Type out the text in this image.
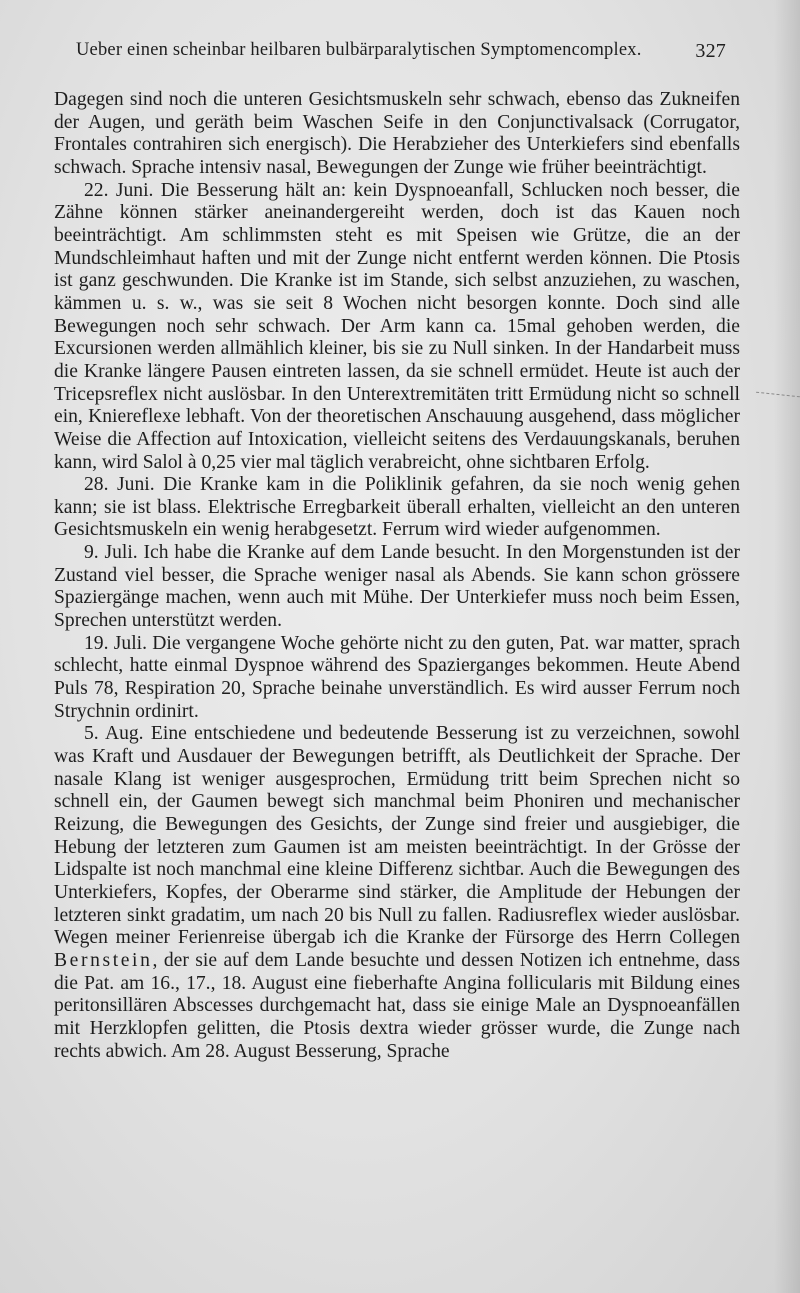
Ueber einen scheinbar heilbaren bulbärparalytischen Symptomencomplex.	327

Dagegen sind noch die unteren Gesichtsmuskeln sehr schwach, ebenso das Zukneifen der Augen, und geräth beim Waschen Seife in den Conjunctivalsack (Corrugator, Frontales contrahiren sich energisch). Die Herabzieher des Unterkiefers sind ebenfalls schwach. Sprache intensiv nasal, Bewegungen der Zunge wie früher beeinträchtigt.

22. Juni. Die Besserung hält an: kein Dyspnoeanfall, Schlucken noch besser, die Zähne können stärker aneinandergereiht werden, doch ist das Kauen noch beeinträchtigt. Am schlimmsten steht es mit Speisen wie Grütze, die an der Mundschleimhaut haften und mit der Zunge nicht entfernt werden können. Die Ptosis ist ganz geschwunden. Die Kranke ist im Stande, sich selbst anzuziehen, zu waschen, kämmen u. s. w., was sie seit 8 Wochen nicht besorgen konnte. Doch sind alle Bewegungen noch sehr schwach. Der Arm kann ca. 15mal gehoben werden, die Excursionen werden allmählich kleiner, bis sie zu Null sinken. In der Handarbeit muss die Kranke längere Pausen eintreten lassen, da sie schnell ermüdet. Heute ist auch der Tricepsreflex nicht auslösbar. In den Unterextremitäten tritt Ermüdung nicht so schnell ein, Kniereflexe lebhaft. Von der theoretischen Anschauung ausgehend, dass möglicher Weise die Affection auf Intoxication, vielleicht seitens des Verdauungskanals, beruhen kann, wird Salol à 0,25 vier mal täglich verabreicht, ohne sichtbaren Erfolg.

28. Juni. Die Kranke kam in die Poliklinik gefahren, da sie noch wenig gehen kann; sie ist blass. Elektrische Erregbarkeit überall erhalten, vielleicht an den unteren Gesichtsmuskeln ein wenig herabgesetzt. Ferrum wird wieder aufgenommen.

9. Juli. Ich habe die Kranke auf dem Lande besucht. In den Morgenstunden ist der Zustand viel besser, die Sprache weniger nasal als Abends. Sie kann schon grössere Spaziergänge machen, wenn auch mit Mühe. Der Unterkiefer muss noch beim Essen, Sprechen unterstützt werden.

19. Juli. Die vergangene Woche gehörte nicht zu den guten, Pat. war matter, sprach schlecht, hatte einmal Dyspnoe während des Spazierganges bekommen. Heute Abend Puls 78, Respiration 20, Sprache beinahe unverständlich. Es wird ausser Ferrum noch Strychnin ordinirt.

5. Aug. Eine entschiedene und bedeutende Besserung ist zu verzeichnen, sowohl was Kraft und Ausdauer der Bewegungen betrifft, als Deutlichkeit der Sprache. Der nasale Klang ist weniger ausgesprochen, Ermüdung tritt beim Sprechen nicht so schnell ein, der Gaumen bewegt sich manchmal beim Phoniren und mechanischer Reizung, die Bewegungen des Gesichts, der Zunge sind freier und ausgiebiger, die Hebung der letzteren zum Gaumen ist am meisten beeinträchtigt. In der Grösse der Lidspalte ist noch manchmal eine kleine Differenz sichtbar. Auch die Bewegungen des Unterkiefers, Kopfes, der Oberarme sind stärker, die Amplitude der Hebungen der letzteren sinkt gradatim, um nach 20 bis Null zu fallen. Radiusreflex wieder auslösbar. Wegen meiner Ferienreise übergab ich die Kranke der Fürsorge des Herrn Collegen Bernstein, der sie auf dem Lande besuchte und dessen Notizen ich entnehme, dass die Pat. am 16., 17., 18. August eine fieberhafte Angina follicularis mit Bildung eines peritonsillären Abscesses durchgemacht hat, dass sie einige Male an Dyspnoeanfällen mit Herzklopfen gelitten, die Ptosis dextra wieder grösser wurde, die Zunge nach rechts abwich. Am 28. August Besserung, Sprache
